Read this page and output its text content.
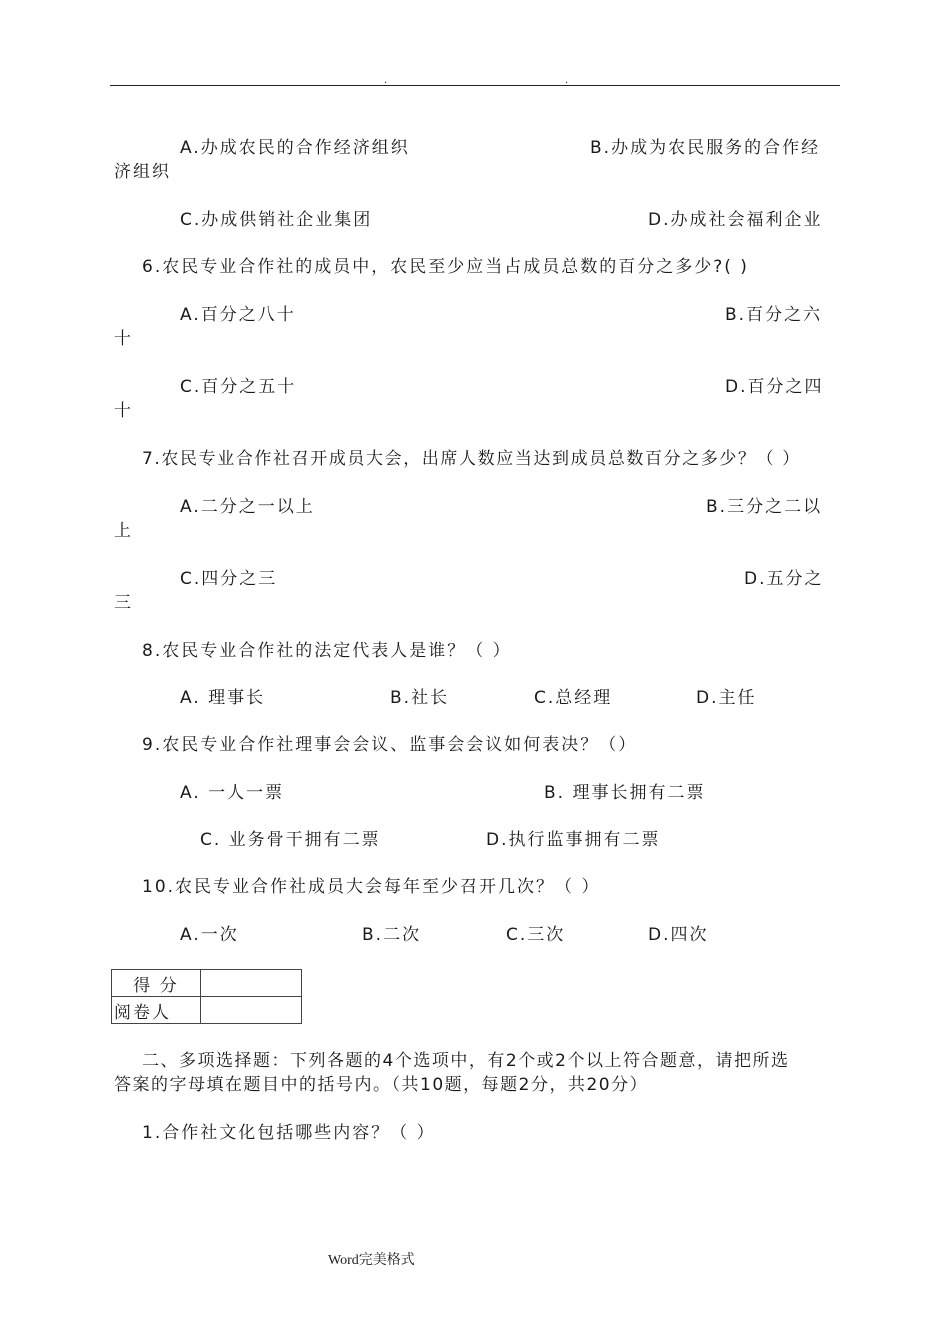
.	.
A.办成农民的合作经济组织	B.办成为农民服务的合作经
济组织
C.办成供销社企业集团	D.办成社会福利企业
6.农民专业合作社的成员中，农民至少应当占成员总数的百分之多少?( )
A.百分之八十	B.百分之六
十
C.百分之五十	D.百分之四
十
7.农民专业合作社召开成员大会，出席人数应当达到成员总数百分之多少？（ ）
A.二分之一以上	B.三分之二以
上
C.四分之三	D.五分之
三
8.农民专业合作社的法定代表人是谁？（ ）
A. 理事长	B.社长	C.总经理	D.主任
9.农民专业合作社理事会会议、监事会会议如何表决？（）
A. 一人一票	B. 理事长拥有二票
C. 业务骨干拥有二票	D.执行监事拥有二票
10.农民专业合作社成员大会每年至少召开几次？（ ）
A.一次	B.二次	C.三次	D.四次
得 分	
阅卷人	
二、多项选择题：下列各题的4个选项中，有2个或2个以上符合题意，请把所选
答案的字母填在题目中的括号内。（共10题，每题2分，共20分）
1.合作社文化包括哪些内容？（ ）
Word完美格式
